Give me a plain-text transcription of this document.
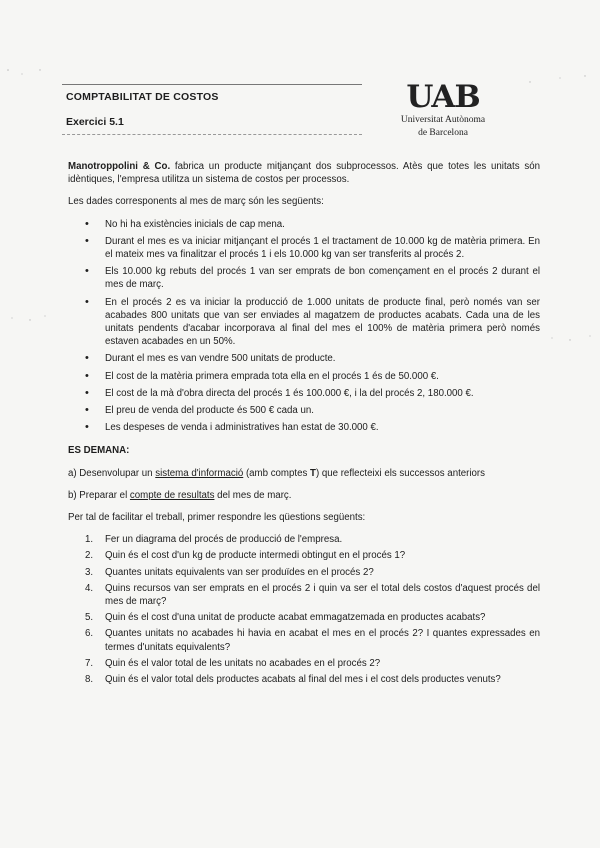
COMPTABILITAT DE COSTOS
Exercici 5.1
UAB
Universitat Autònoma
de Barcelona

Manotroppolini & Co. fabrica un producte mitjançant dos subprocessos. Atès que totes les unitats són idèntiques, l'empresa utilitza un sistema de costos per processos.

Les dades corresponents al mes de març són les següents:

• No hi ha existències inicials de cap mena.
• Durant el mes es va iniciar mitjançant el procés 1 el tractament de 10.000 kg de matèria primera. En el mateix mes va finalitzar el procés 1 i els 10.000 kg van ser transferits al procés 2.
• Els 10.000 kg rebuts del procés 1 van ser emprats de bon començament en el procés 2 durant el mes de març.
• En el procés 2 es va iniciar la producció de 1.000 unitats de producte final, però només van ser acabades 800 unitats que van ser enviades al magatzem de productes acabats. Cada una de les unitats pendents d'acabar incorporava al final del mes el 100% de matèria primera però només estaven acabades en un 50%.
• Durant el mes es van vendre 500 unitats de producte.
• El cost de la matèria primera emprada tota ella en el procés 1 és de 50.000 €.
• El cost de la mà d'obra directa del procés 1 és 100.000 €, i la del procés 2, 180.000 €.
• El preu de venda del producte és 500 € cada un.
• Les despeses de venda i administratives han estat de 30.000 €.
ES DEMANA:

a) Desenvolupar un sistema d'informació (amb comptes T) que reflecteixi els successos anteriors

b) Preparar el compte de resultats del mes de març.

Per tal de facilitar el treball, primer respondre les qüestions següents:

1. Fer un diagrama del procés de producció de l'empresa.
2. Quin és el cost d'un kg de producte intermedi obtingut en el procés 1?
3. Quantes unitats equivalents van ser produïdes en el procés 2?
4. Quins recursos van ser emprats en el procés 2 i quin va ser el total dels costos d'aquest procés del mes de març?
5. Quin és el cost d'una unitat de producte acabat emmagatzemada en productes acabats?
6. Quantes unitats no acabades hi havia en acabat el mes en el procés 2? I quantes expressades en termes d'unitats equivalents?
7. Quin és el valor total de les unitats no acabades en el procés 2?
8. Quin és el valor total dels productes acabats al final del mes i el cost dels productes venuts?
